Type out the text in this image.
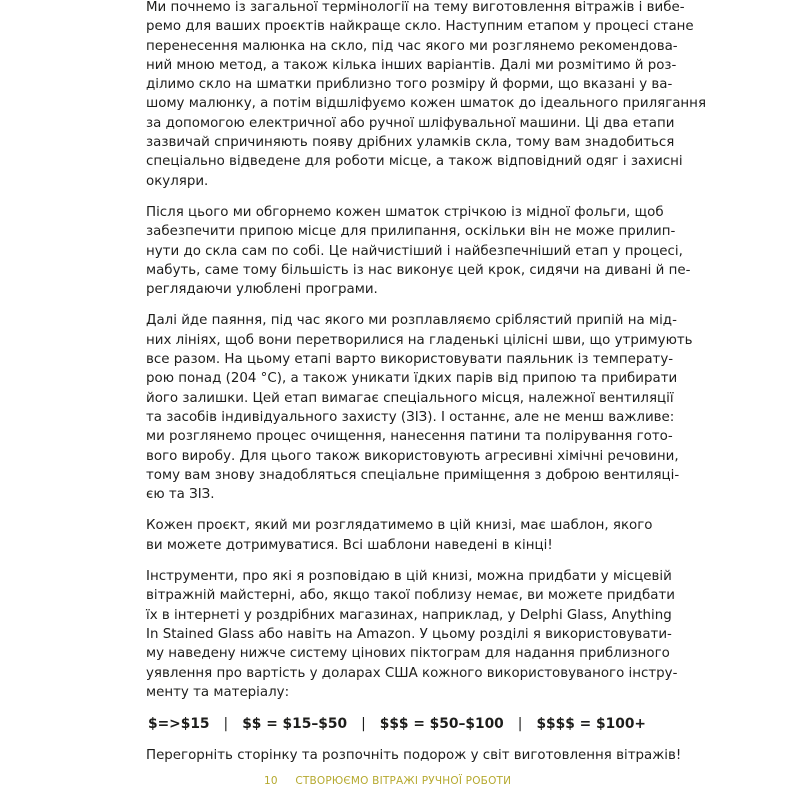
Ми почнемо із загальної термінології на тему виготовлення вітражів і вибе-
ремо для ваших проєктів найкраще скло. Наступним етапом у процесі стане
перенесення малюнка на скло, під час якого ми розглянемо рекомендова-
ний мною метод, а також кілька інших варіантів. Далі ми розмітимо й роз-
ділимо скло на шматки приблизно того розміру й форми, що вказані у ва-
шому малюнку, а потім відшліфуємо кожен шматок до ідеального прилягання
за допомогою електричної або ручної шліфувальної машини. Ці два етапи
зазвичай спричиняють появу дрібних уламків скла, тому вам знадобиться
спеціально відведене для роботи місце, а також відповідний одяг і захисні
окуляри.

Після цього ми обгорнемо кожен шматок стрічкою із мідної фольги, щоб
забезпечити припою місце для прилипання, оскільки він не може прилип-
нути до скла сам по собі. Це найчистіший і найбезпечніший етап у процесі,
мабуть, саме тому більшість із нас виконує цей крок, сидячи на дивані й пе-
реглядаючи улюблені програми.

Далі йде паяння, під час якого ми розплавляємо сріблястий припій на мід-
них лініях, щоб вони перетворилися на гладенькі цілісні шви, що утримують
все разом. На цьому етапі варто використовувати паяльник із температу-
рою понад (204 °C), а також уникати їдких парів від припою та прибирати
його залишки. Цей етап вимагає спеціального місця, належної вентиляції
та засобів індивідуального захисту (ЗІЗ). І останнє, але не менш важливе:
ми розглянемо процес очищення, нанесення патини та полірування гото-
вого виробу. Для цього також використовують агресивні хімічні речовини,
тому вам знову знадобляться спеціальне приміщення з доброю вентиляці-
єю та ЗІЗ.

Кожен проєкт, який ми розглядатимемо в цій книзі, має шаблон, якого
ви можете дотримуватися. Всі шаблони наведені в кінці!

Інструменти, про які я розповідаю в цій книзі, можна придбати у місцевій
вітражній майстерні, або, якщо такої поблизу немає, ви можете придбати
їх в інтернеті у роздрібних магазинах, наприклад, у Delphi Glass, Anything
In Stained Glass або навіть на Amazon. У цьому розділі я використовувати-
му наведену нижче систему цінових піктограм для надання приблизного
уявлення про вартість у доларах США кожного використовуваного інстру-
менту та матеріалу:

$=>$15 | $$ = $15–$50 | $$$ = $50–$100 | $$$$ = $100+

Перегорніть сторінку та розпочніть подорож у світ виготовлення вітражів!

10 СТВОРЮЄМО ВІТРАЖІ РУЧНОЇ РОБОТИ
